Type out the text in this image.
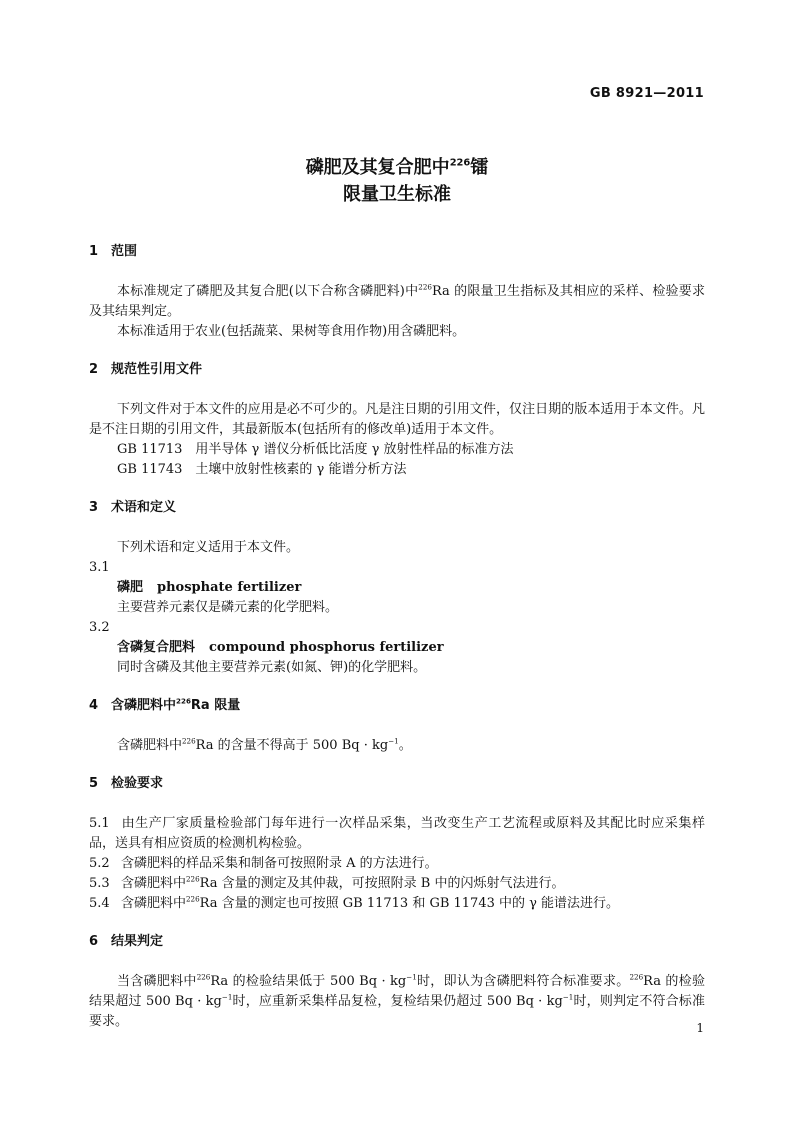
GB 8921—2011
磷肥及其复合肥中$^{226}$镭
限量卫生标准

1 范围

本标准规定了磷肥及其复合肥(以下合称含磷肥料)中$^{226}$Ra 的限量卫生指标及其相应的采样、检验要求及其结果判定。

本标准适用于农业(包括蔬菜、果树等食用作物)用含磷肥料。

2 规范性引用文件

下列文件对于本文件的应用是必不可少的。凡是注日期的引用文件，仅注日期的版本适用于本文件。凡是不注日期的引用文件，其最新版本(包括所有的修改单)适用于本文件。

GB 11713　用半导体 γ 谱仪分析低比活度 γ 放射性样品的标准方法

GB 11743　土壤中放射性核素的 γ 能谱分析方法

3 术语和定义

下列术语和定义适用于本文件。

3.1

磷肥 phosphate fertilizer

主要营养元素仅是磷元素的化学肥料。

3.2

含磷复合肥料 compound phosphorus fertilizer

同时含磷及其他主要营养元素(如氮、钾)的化学肥料。

4 含磷肥料中$^{226}$Ra 限量

含磷肥料中$^{226}$Ra 的含量不得高于 500 $Bq \cdot kg^{-1}$。

5 检验要求

5.1 由生产厂家质量检验部门每年进行一次样品采集，当改变生产工艺流程或原料及其配比时应采集样品，送具有相应资质的检测机构检验。

5.2 含磷肥料的样品采集和制备可按照附录 A 的方法进行。

5.3 含磷肥料中$^{226}$Ra 含量的测定及其仲裁，可按照附录 B 中的闪烁射气法进行。

5.4 含磷肥料中$^{226}$Ra 含量的测定也可按照 GB 11713 和 GB 11743 中的 γ 能谱法进行。

6 结果判定

当含磷肥料中$^{226}$Ra 的检验结果低于 500 $Bq \cdot kg^{-1}$时，即认为含磷肥料符合标准要求。$^{226}$Ra 的检验结果超过 500 $Bq \cdot kg^{-1}$时，应重新采集样品复检，复检结果仍超过 500 $Bq \cdot kg^{-1}$时，则判定不符合标准要求。	1
